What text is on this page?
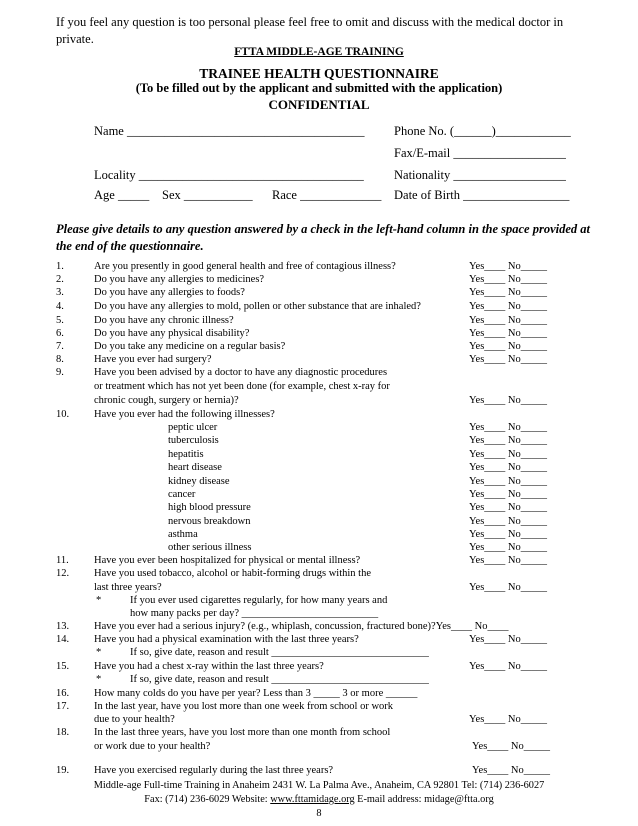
If you feel any question is too personal please feel free to omit and discuss with the medical doctor in private.
FTTA MIDDLE-AGE TRAINING
TRAINEE HEALTH QUESTIONNAIRE
(To be filled out by the applicant and submitted with the application)
CONFIDENTIAL
Name ______________________________________ Phone No. (______)____________
Fax/E-mail __________________
Locality ____________________________________ Nationality __________________
Age _____ Sex ___________ Race _____________ Date of Birth _________________
Please give details to any question answered by a check in the left-hand column in the space provided at the end of the questionnaire.
1.	Are you presently in good general health and free of contagious illness?	Yes____ No_____
2.	Do you have any allergies to medicines?	Yes____ No_____
3.	Do you have any allergies to foods?	Yes____ No_____
4.	Do you have any allergies to mold, pollen or other substance that are inhaled?	Yes____ No_____
5.	Do you have any chronic illness?	Yes____ No_____
6.	Do you have any physical disability?	Yes____ No_____
7.	Do you take any medicine on a regular basis?	Yes____ No_____
8.	Have you ever had surgery?	Yes____ No_____
9.	Have you been advised by a doctor to have any diagnostic procedures
or treatment which has not yet been done (for example, chest x-ray for
chronic cough, surgery or hernia)?	Yes____ No_____
10. Have you ever had the following illnesses?
peptic ulcer	Yes____ No_____
tuberculosis	Yes____ No_____
hepatitis	Yes____ No_____
heart disease	Yes____ No_____
kidney disease	Yes____ No_____
cancer	Yes____ No_____
high blood pressure	Yes____ No_____
nervous breakdown	Yes____ No_____
asthma	Yes____ No_____
other serious illness	Yes____ No_____
11. Have you ever been hospitalized for physical or mental illness?	Yes____ No_____
12. Have you used tobacco, alcohol or habit-forming drugs within the
last three years?	Yes____ No_____
*	If you ever used cigarettes regularly, for how many years and
how many packs per day? __________________________
13. Have you ever had a serious injury? (e.g., whiplash, concussion, fractured bone)?Yes____ No____
14. Have you had a physical examination with the last three years?	Yes____ No_____
*	If so, give date, reason and result ______________________________
15. Have you had a chest x-ray within the last three years?	Yes____ No_____
*	If so, give date, reason and result ______________________________
16. How many colds do you have per year? Less than 3 _____ 3 or more ______
17. In the last year, have you lost more than one week from school or work
due to your health?	Yes____ No_____
18. In the last three years, have you lost more than one month from school
or work due to your health?	Yes____ No_____
19. Have you exercised regularly during the last three years?	Yes____ No_____
Middle-age Full-time Training in Anaheim 2431 W. La Palma Ave., Anaheim, CA 92801 Tel: (714) 236-6027
Fax: (714) 236-6029 Website: www.fttamidage.org E-mail address: midage@ftta.org
8
